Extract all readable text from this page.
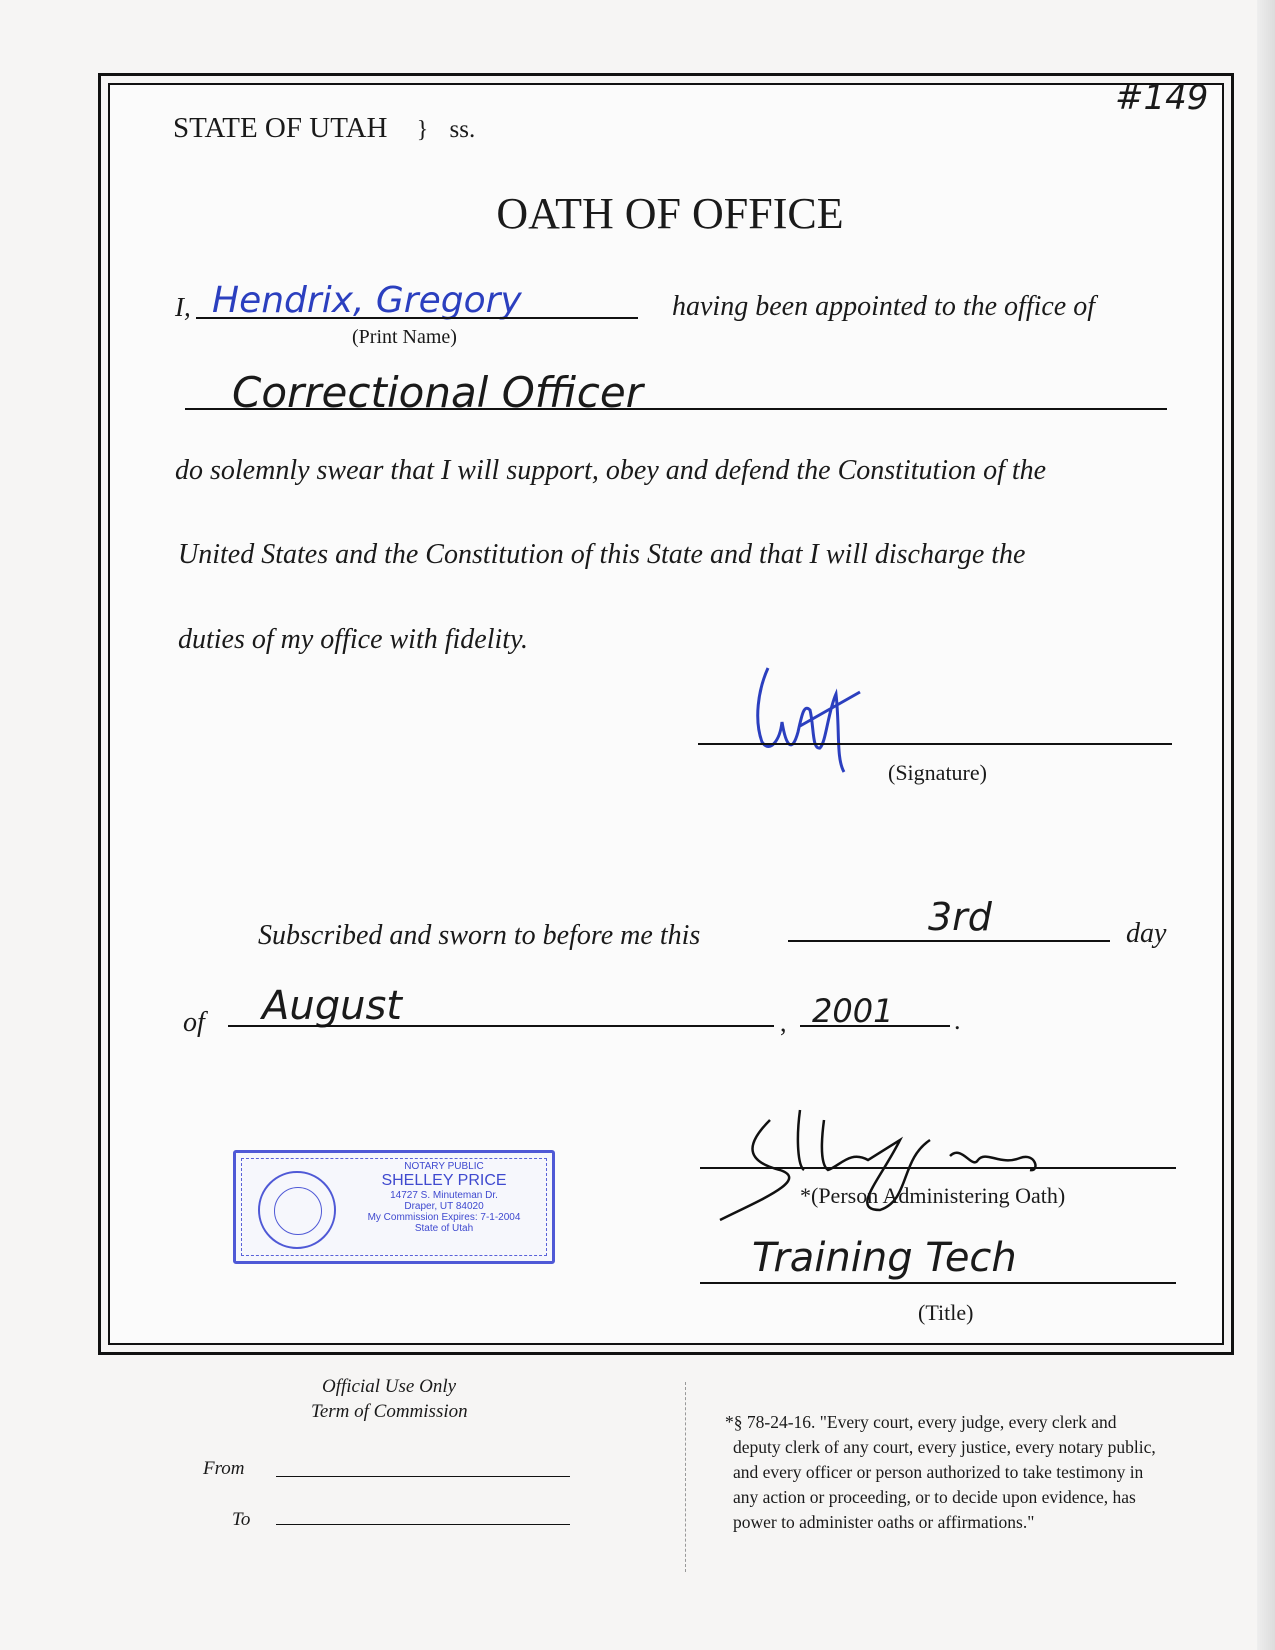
#149
STATE OF UTAH } ss.
OATH OF OFFICE
I, Hendrix, Gregory
(Print Name)
having been appointed to the office of
Correctional Officer
do solemnly swear that I will support, obey and defend the Constitution of the
United States and the Constitution of this State and that I will discharge the
duties of my office with fidelity.
(Signature)
Subscribed and sworn to before me this	3rd	day
of August	, 2001 .
NOTARY PUBLIC
SHELLEY PRICE
14727 S. Minuteman Dr.
Draper, UT 84020
My Commission Expires: 7-1-2004
State of Utah
*(Person Administering Oath)
Training Tech
(Title)
Official Use Only
Term of Commission
From
To
*§ 78-24-16. "Every court, every judge, every clerk and
deputy clerk of any court, every justice, every notary public,
and every officer or person authorized to take testimony in
any action or proceeding, or to decide upon evidence, has
power to administer oaths or affirmations."
